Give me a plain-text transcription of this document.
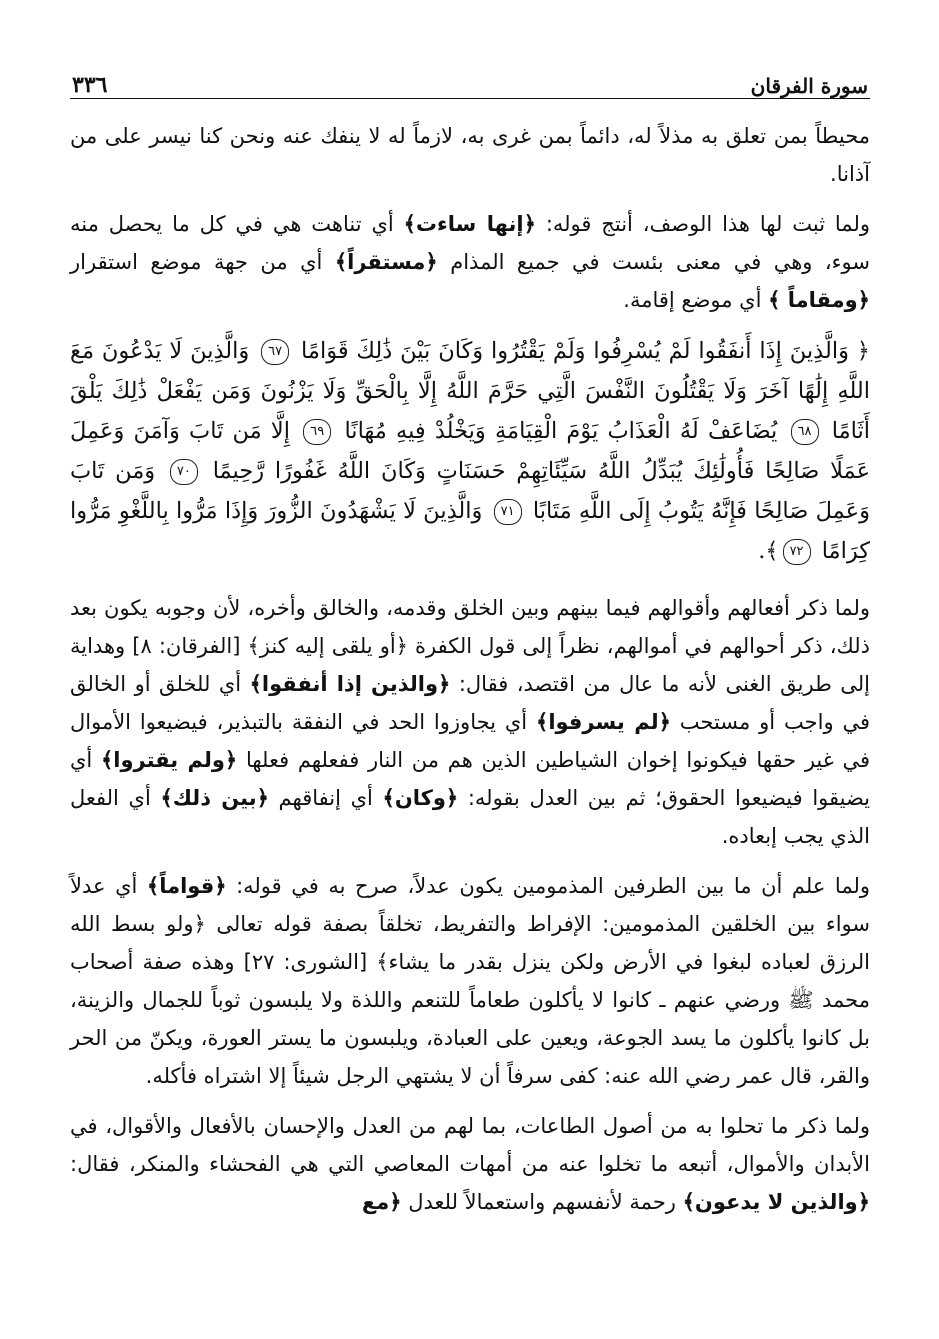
٣٣٦	سورة الفرقان

محيطاً بمن تعلق به مذلاً له، دائماً بمن غرى به، لازماً له لا ينفك عنه ونحن كنا نيسر على من آذانا.

ولما ثبت لها هذا الوصف، أنتج قوله: ﴿إنها ساءت﴾ أي تناهت هي في كل ما يحصل منه سوء، وهي في معنى بئست في جميع المذام ﴿مستقراً﴾ أي من جهة موضع استقرار ﴿ومقاماً ﴾ أي موضع إقامة.

﴿ وَالَّذِينَ إِذَا أَنفَقُوا لَمْ يُسْرِفُوا وَلَمْ يَقْتُرُوا وَكَانَ بَيْنَ ذَٰلِكَ قَوَامًا ٦٧ وَالَّذِينَ لَا يَدْعُونَ مَعَ اللَّهِ إِلَٰهًا آخَرَ وَلَا يَقْتُلُونَ النَّفْسَ الَّتِي حَرَّمَ اللَّهُ إِلَّا بِالْحَقِّ وَلَا يَزْنُونَ وَمَن يَفْعَلْ ذَٰلِكَ يَلْقَ أَثَامًا ٦٨ يُضَاعَفْ لَهُ الْعَذَابُ يَوْمَ الْقِيَامَةِ وَيَخْلُدْ فِيهِ مُهَانًا ٦٩ إِلَّا مَن تَابَ وَآمَنَ وَعَمِلَ عَمَلًا صَالِحًا فَأُولَٰئِكَ يُبَدِّلُ اللَّهُ سَيِّئَاتِهِمْ حَسَنَاتٍ وَكَانَ اللَّهُ غَفُورًا رَّحِيمًا ٧٠ وَمَن تَابَ وَعَمِلَ صَالِحًا فَإِنَّهُ يَتُوبُ إِلَى اللَّهِ مَتَابًا ٧١ وَالَّذِينَ لَا يَشْهَدُونَ الزُّورَ وَإِذَا مَرُّوا بِاللَّغْوِ مَرُّوا كِرَامًا ٧٢﴾.

ولما ذكر أفعالهم وأقوالهم فيما بينهم وبين الخلق وقدمه، والخالق وأخره، لأن وجوبه يكون بعد ذلك، ذكر أحوالهم في أموالهم، نظراً إلى قول الكفرة ﴿أو يلقى إليه كنز﴾ [الفرقان: ٨] وهداية إلى طريق الغنى لأنه ما عال من اقتصد، فقال: ﴿والذين إذا أنفقوا﴾ أي للخلق أو الخالق في واجب أو مستحب ﴿لم يسرفوا﴾ أي يجاوزوا الحد في النفقة بالتبذير، فيضيعوا الأموال في غير حقها فيكونوا إخوان الشياطين الذين هم من النار ففعلهم فعلها ﴿ولم يقتروا﴾ أي يضيقوا فيضيعوا الحقوق؛ ثم بين العدل بقوله: ﴿وكان﴾ أي إنفاقهم ﴿بين ذلك﴾ أي الفعل الذي يجب إبعاده.

ولما علم أن ما بين الطرفين المذمومين يكون عدلاً، صرح به في قوله: ﴿قواماً﴾ أي عدلاً سواء بين الخلقين المذمومين: الإفراط والتفريط، تخلقاً بصفة قوله تعالى ﴿ولو بسط الله الرزق لعباده لبغوا في الأرض ولكن ينزل بقدر ما يشاء﴾ [الشورى: ٢٧] وهذه صفة أصحاب محمد ﷺ ورضي عنهم ـ كانوا لا يأكلون طعاماً للتنعم واللذة ولا يلبسون ثوباً للجمال والزينة، بل كانوا يأكلون ما يسد الجوعة، ويعين على العبادة، ويلبسون ما يستر العورة، ويكنّ من الحر والقر، قال عمر رضي الله عنه: كفى سرفاً أن لا يشتهي الرجل شيئاً إلا اشتراه فأكله.

ولما ذكر ما تحلوا به من أصول الطاعات، بما لهم من العدل والإحسان بالأفعال والأقوال، في الأبدان والأموال، أتبعه ما تخلوا عنه من أمهات المعاصي التي هي الفحشاء والمنكر، فقال: ﴿والذين لا يدعون﴾ رحمة لأنفسهم واستعمالاً للعدل ﴿مع
